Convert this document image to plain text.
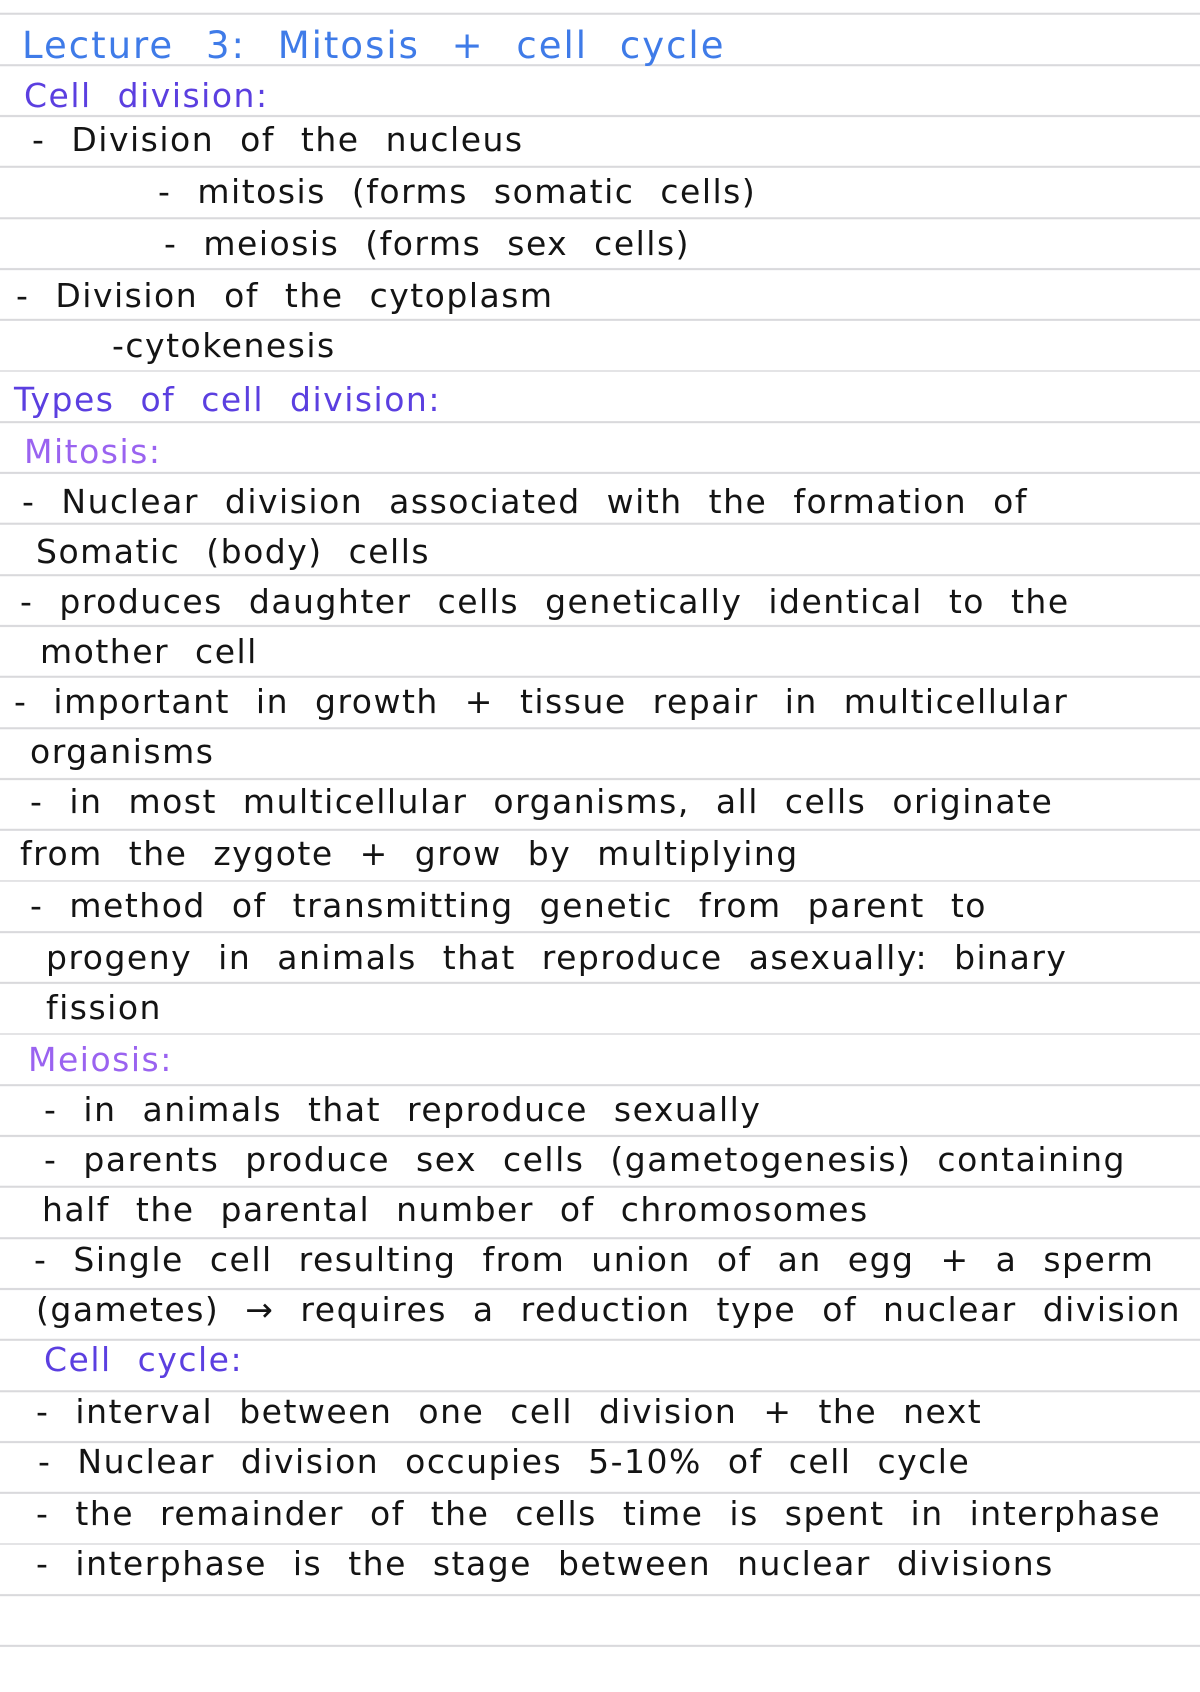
Lecture 3: Mitosis + cell cycle
Cell division:
- Division of the nucleus
- mitosis (forms somatic cells)
- meiosis (forms sex cells)
- Division of the cytoplasm
-cytokenesis
Types of cell division:
Mitosis:
- Nuclear division associated with the formation of
Somatic (body) cells
- produces daughter cells genetically identical to the
mother cell
- important in growth + tissue repair in multicellular
organisms
- in most multicellular organisms, all cells originate
from the zygote + grow by multiplying
- method of transmitting genetic from parent to
progeny in animals that reproduce asexually: binary
fission
Meiosis:
- in animals that reproduce sexually
- parents produce sex cells (gametogenesis) containing
half the parental number of chromosomes
- Single cell resulting from union of an egg + a sperm
(gametes) → requires a reduction type of nuclear division
Cell cycle:
- interval between one cell division + the next
- Nuclear division occupies 5-10% of cell cycle
- the remainder of the cells time is spent in interphase
- interphase is the stage between nuclear divisions
